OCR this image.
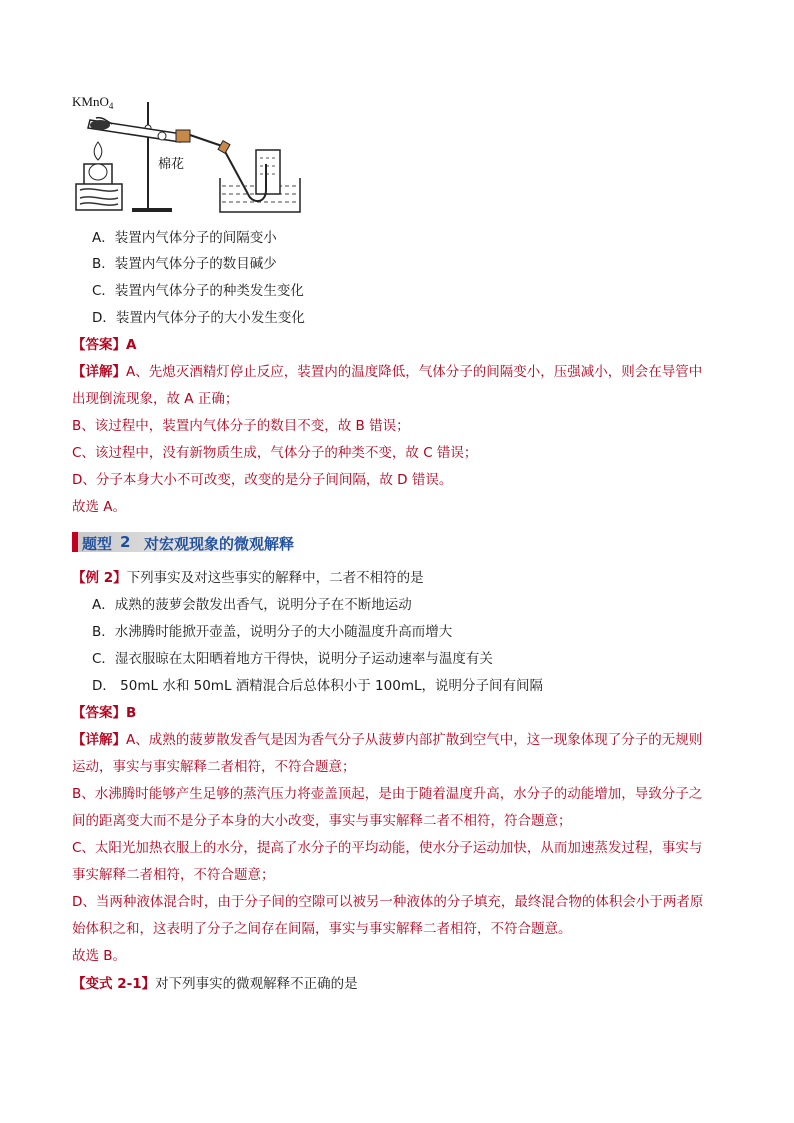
KMnO$_4$
棉花
A．装置内气体分子的间隔变小
B．装置内气体分子的数目碱少
C．装置内气体分子的种类发生变化
D．装置内气体分子的大小发生变化
【答案】A
【详解】A、先熄灭酒精灯停止反应，装置内的温度降低，气体分子的间隔变小，压强减小，则会在导管中
出现倒流现象，故 A 正确；
B、该过程中，装置内气体分子的数目不变，故 B 错误；
C、该过程中，没有新物质生成，气体分子的种类不变，故 C 错误；
D、分子本身大小不可改变，改变的是分子间间隔，故 D 错误。
故选 A。
题型 2 对宏观现象的微观解释
【例 2】下列事实及对这些事实的解释中，二者不相符的是
A．成熟的菠萝会散发出香气，说明分子在不断地运动
B．水沸腾时能掀开壶盖，说明分子的大小随温度升高而增大
C．湿衣服晾在太阳晒着地方干得快，说明分子运动速率与温度有关
D． 50mL 水和 50mL 酒精混合后总体积小于 100mL，说明分子间有间隔
【答案】B
【详解】A、成熟的菠萝散发香气是因为香气分子从菠萝内部扩散到空气中，这一现象体现了分子的无规则
运动，事实与事实解释二者相符，不符合题意；
B、水沸腾时能够产生足够的蒸汽压力将壶盖顶起，是由于随着温度升高，水分子的动能增加，导致分子之
间的距离变大而不是分子本身的大小改变，事实与事实解释二者不相符，符合题意；
C、太阳光加热衣服上的水分，提高了水分子的平均动能，使水分子运动加快，从而加速蒸发过程，事实与
事实解释二者相符，不符合题意；
D、当两种液体混合时，由于分子间的空隙可以被另一种液体的分子填充，最终混合物的体积会小于两者原
始体积之和，这表明了分子之间存在间隔，事实与事实解释二者相符，不符合题意。
故选 B。
【变式 2-1】对下列事实的微观解释不正确的是
